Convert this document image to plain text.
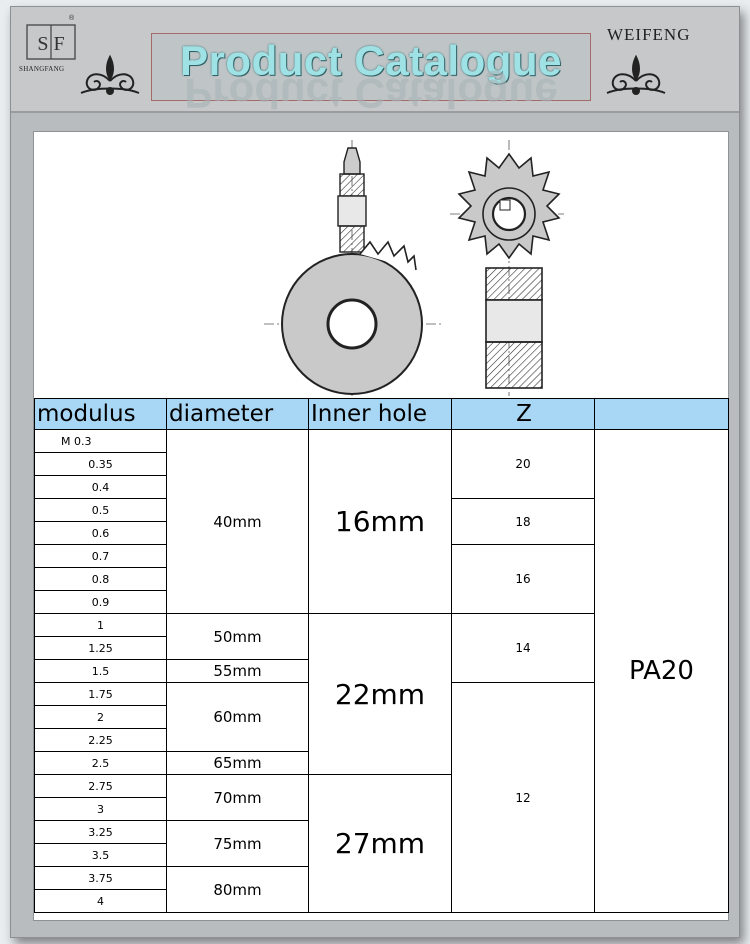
S F
®
SHANGFANG	Product Catalogue
Product Catalogue
WEIFENG
modulus	diameter	Inner hole	Z	
M 0.3	40mm	16mm	20	PA20
0.35				
0.4				
0.5			18	
0.6				
0.7			16	
0.8				
0.9				
1	50mm	22mm	14	
1.25				
1.5	55mm			
1.75	60mm		12	
2				
2.25				
2.5	65mm			
2.75	70mm	27mm		
3				
3.25	75mm			
3.5				
3.75	80mm			
4				
